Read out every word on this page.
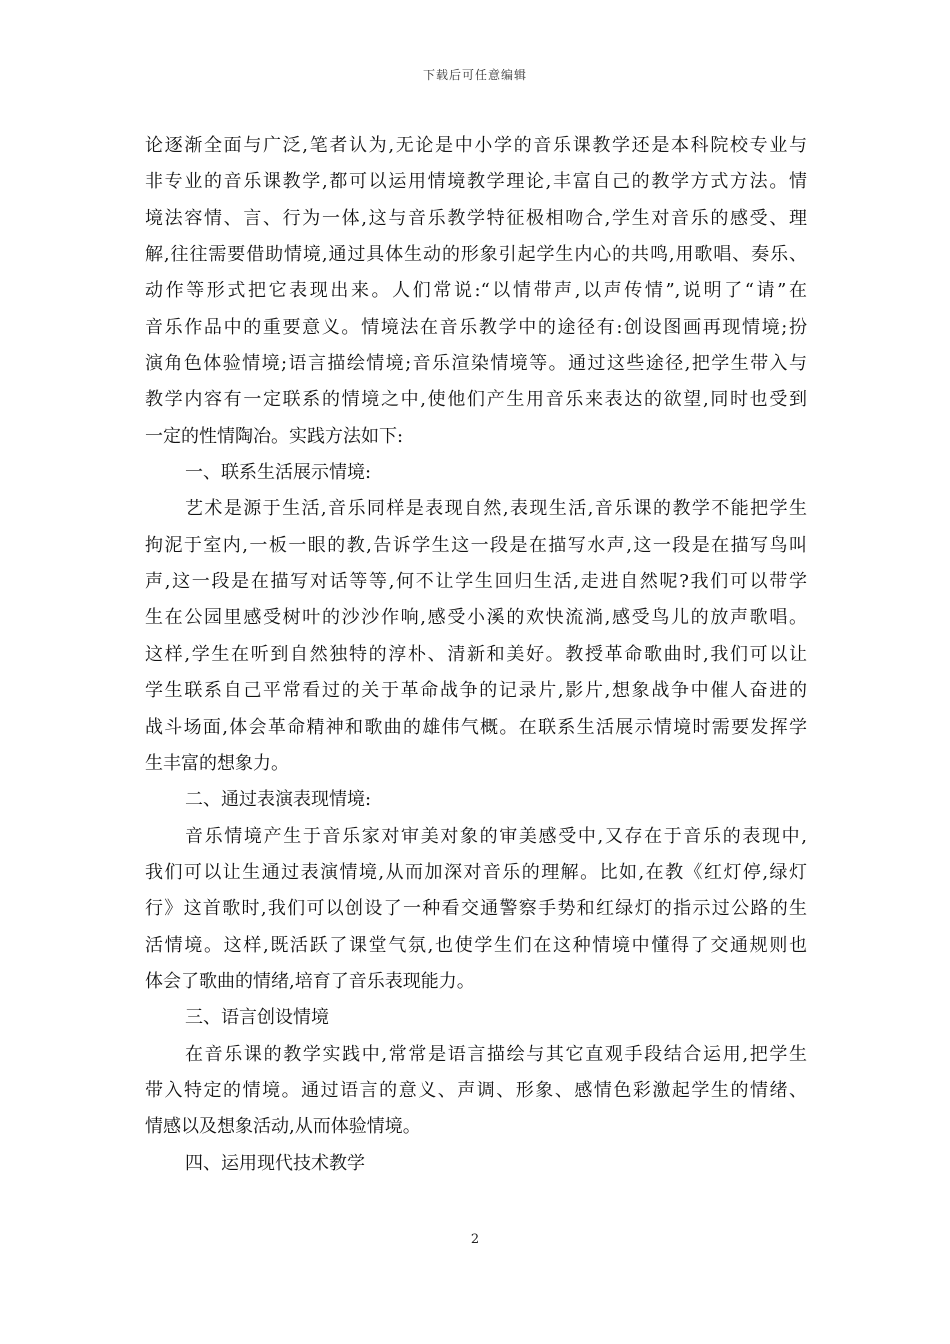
下载后可任意编辑
论逐渐全面与广泛,笔者认为,无论是中小学的音乐课教学还是本科院校专业与
非专业的音乐课教学,都可以运用情境教学理论,丰富自己的教学方式方法。情
境法容情、言、行为一体,这与音乐教学特征极相吻合,学生对音乐的感受、理
解,往往需要借助情境,通过具体生动的形象引起学生内心的共鸣,用歌唱、奏乐、
动作等形式把它表现出来。人们常说:“以情带声,以声传情”,说明了“请”在
音乐作品中的重要意义。情境法在音乐教学中的途径有:创设图画再现情境;扮
演角色体验情境;语言描绘情境;音乐渲染情境等。通过这些途径,把学生带入与
教学内容有一定联系的情境之中,使他们产生用音乐来表达的欲望,同时也受到
一定的性情陶冶。实践方法如下:
一、联系生活展示情境:
艺术是源于生活,音乐同样是表现自然,表现生活,音乐课的教学不能把学生
拘泥于室内,一板一眼的教,告诉学生这一段是在描写水声,这一段是在描写鸟叫
声,这一段是在描写对话等等,何不让学生回归生活,走进自然呢?我们可以带学
生在公园里感受树叶的沙沙作响,感受小溪的欢快流淌,感受鸟儿的放声歌唱。
这样,学生在听到自然独特的淳朴、清新和美好。教授革命歌曲时,我们可以让
学生联系自己平常看过的关于革命战争的记录片,影片,想象战争中催人奋进的
战斗场面,体会革命精神和歌曲的雄伟气概。在联系生活展示情境时需要发挥学
生丰富的想象力。
二、通过表演表现情境:
音乐情境产生于音乐家对审美对象的审美感受中,又存在于音乐的表现中,
我们可以让生通过表演情境,从而加深对音乐的理解。比如,在教《红灯停,绿灯
行》这首歌时,我们可以创设了一种看交通警察手势和红绿灯的指示过公路的生
活情境。这样,既活跃了课堂气氛,也使学生们在这种情境中懂得了交通规则也
体会了歌曲的情绪,培育了音乐表现能力。
三、语言创设情境
在音乐课的教学实践中,常常是语言描绘与其它直观手段结合运用,把学生
带入特定的情境。通过语言的意义、声调、形象、感情色彩激起学生的情绪、
情感以及想象活动,从而体验情境。
四、运用现代技术教学
2
